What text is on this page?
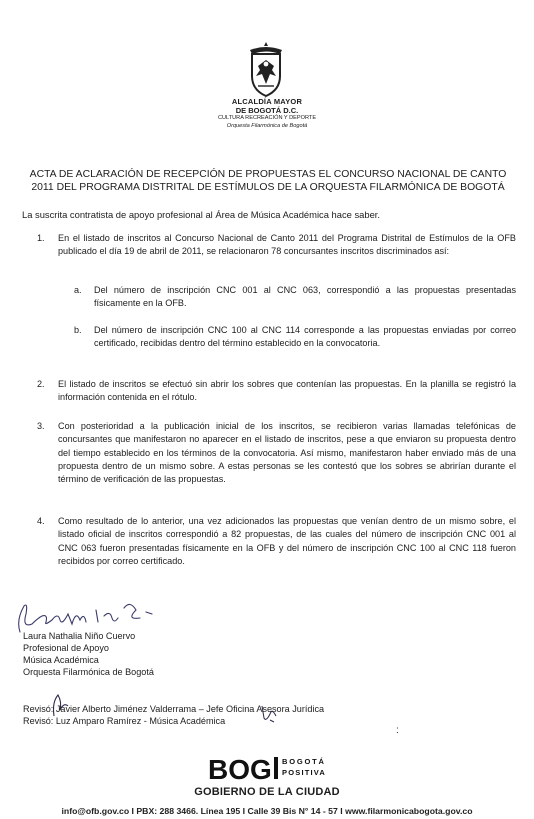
ALCALDÍA MAYOR
DE BOGOTÁ D.C.
CULTURA RECREACIÓN Y DEPORTE
Orquesta Filarmónica de Bogotá
ACTA DE ACLARACIÓN DE RECEPCIÓN DE PROPUESTAS EL CONCURSO NACIONAL DE CANTO
2011 DEL PROGRAMA DISTRITAL DE ESTÍMULOS DE LA ORQUESTA FILARMÓNICA DE BOGOTÁ
La suscrita contratista de apoyo profesional al Área de Música Académica hace saber.
1. En el listado de inscritos al Concurso Nacional de Canto 2011 del Programa Distrital de Estímulos de la OFB publicado el día 19 de abril de 2011, se relacionaron 78 concursantes inscritos discriminados así:
a. Del número de inscripción CNC 001 al CNC 063, correspondió a las propuestas presentadas físicamente en la OFB.
b. Del número de inscripción CNC 100 al CNC 114 corresponde a las propuestas enviadas por correo certificado, recibidas dentro del término establecido en la convocatoria.
2. El listado de inscritos se efectuó sin abrir los sobres que contenían las propuestas. En la planilla se registró la información contenida en el rótulo.
3. Con posterioridad a la publicación inicial de los inscritos, se recibieron varias llamadas telefónicas de concursantes que manifestaron no aparecer en el listado de inscritos, pese a que enviaron su propuesta dentro del tiempo establecido en los términos de la convocatoria. Así mismo, manifestaron haber enviado más de una propuesta dentro de un mismo sobre. A estas personas se les contestó que los sobres se abrirían durante el término de verificación de las propuestas.
4. Como resultado de lo anterior, una vez adicionados las propuestas que venían dentro de un mismo sobre, el listado oficial de inscritos correspondió a 82 propuestas, de las cuales del número de inscripción CNC 001 al CNC 063 fueron presentadas físicamente en la OFB y del número de inscripción CNC 100 al CNC 118 fueron recibidos por correo certificado.
Laura Nathalia Niño Cuervo
Profesional de Apoyo
Música Académica
Orquesta Filarmónica de Bogotá
Revisó: Javier Alberto Jiménez Valderrama – Jefe Oficina Asesora Jurídica
Revisó: Luz Amparo Ramírez - Música Académica
:
BOG BOGOTÁ
POSITIVA
GOBIERNO DE LA CIUDAD
info@ofb.gov.co I PBX: 288 3466. Línea 195 I Calle 39 Bis N° 14 - 57 I www.filarmonicabogota.gov.co
